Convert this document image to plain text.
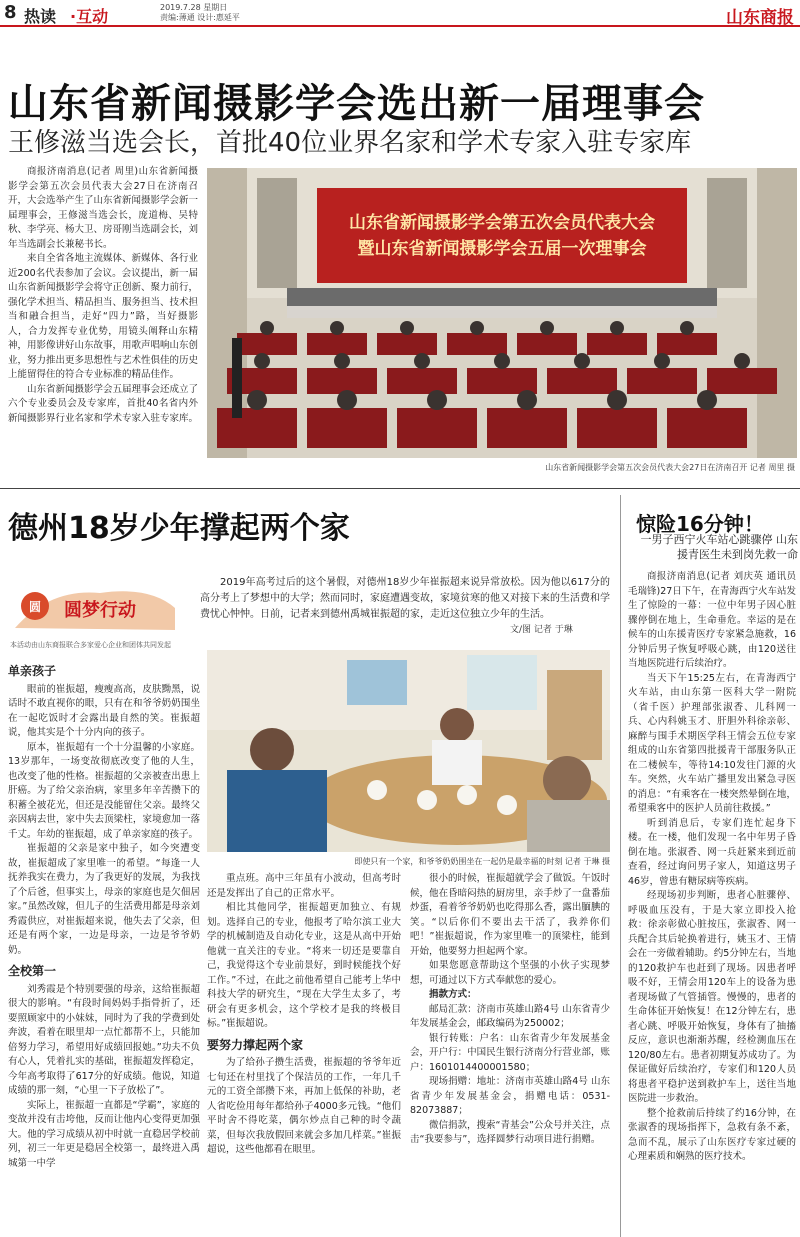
8 热读 ·互动	2019.7.28 星期日
责编:薄通 设计:惠延平	山东商报
山东省新闻摄影学会选出新一届理事会
王修滋当选会长，首批40位业界名家和学术专家入驻专家库

商报济南消息(记者 周里)山东省新闻摄影学会第五次会员代表大会27日在济南召开，大会选举产生了山东省新闻摄影学会新一届理事会，王修滋当选会长，庞道梅、吴特秋、李学亮、杨大卫、房哥刚当选副会长，刘年当选副会长兼秘书长。

来自全省各地主流媒体、新媒体、各行业近200名代表参加了会议。会议提出，新一届山东省新闻摄影学会将守正创新、聚力前行，强化学术担当、精品担当、服务担当、技术担当和融合担当，走好“四力”路，当好摄影人，合力发挥专业优势，用镜头阐释山东精神，用影像讲好山东故事，用歌声唱响山东创业，努力推出更多思想性与艺术性俱佳的历史上能留得住的符合专业标准的精品佳作。

山东省新闻摄影学会五届理事会还成立了六个专业委员会及专家库，首批40名省内外新闻摄影界行业名家和学术专家入驻专家库。

山东省新闻摄影学会第五次会员代表大会
暨山东省新闻摄影学会五届一次理事会
山东省新闻摄影学会第五次会员代表大会27日在济南召开 记者 周里 摄
德州18岁少年撑起两个家
圆 圆梦行动
本活动由山东商报联合多家爱心企业和团体共同发起

2019年高考过后的这个暑假，对德州18岁少年崔振超来说异常放松。因为他以617分的高分考上了梦想中的大学；然而同时，家庭遭遇变故，家境贫寒的他又对接下来的生活费和学费忧心忡忡。日前，记者来到德州禹城崔振超的家，走近这位独立少年的生活。

文/图 记者 于琳
单亲孩子

眼前的崔振超，瘦瘦高高，皮肤黝黑，说话时不敢直视你的眼，只有在和爷爷奶奶围坐在一起吃饭时才会露出最自然的笑。崔振超说，他其实是个十分内向的孩子。

原本，崔振超有一个十分温馨的小家庭。13岁那年，一场变故彻底改变了他的人生，也改变了他的性格。崔振超的父亲被查出患上肝癌。为了给父亲治病，家里多年辛苦攒下的积蓄全被花光，但还是没能留住父亲。最终父亲因病去世，家中失去顶梁柱，家境愈加一落千丈。年幼的崔振超，成了单亲家庭的孩子。

崔振超的父亲是家中独子，如今突遭变故，崔振超成了家里唯一的希望。“每逢一人抚养我实在费力，为了我更好的发展，为我找了个后爸，但事实上，母亲的家庭也是欠佃居家。”虽然改嫁，但儿子的生活费用都是母亲刘秀霞供应，对崔振超来说，他失去了父亲，但还是有两个家，一边是母亲，一边是爷爷奶奶。

全校第一

刘秀霞是个特别要强的母亲，这给崔振超很大的影响。“有段时间妈妈手指骨折了，还要照顾家中的小妹妹，同时为了我的学费到处奔波，看着在眼里却一点忙都帮不上，只能加倍努力学习，希望用好成绩回报她。”功夫不负有心人，凭着扎实的基础，崔振超发挥稳定，今年高考取得了617分的好成绩。他说，知道成绩的那一刻，“心里一下子放松了”。

实际上，崔振超一直都是“学霸”，家庭的变故并没有击垮他，反而让他内心变得更加强大。他的学习成绩从初中时就一直稳居学校前列，初三一年更是稳居全校第一，最终进入禹城第一中学

即使只有一个家，和爷爷奶奶围坐在一起仍是最幸福的时刻 记者 于琳 摄

重点班。高中三年虽有小波动，但高考时还是发挥出了自己的正常水平。

相比其他同学，崔振超更加独立、有规划。选择自己的专业，他报考了哈尔滨工业大学的机械制造及自动化专业，这是从高中开始他就一直关注的专业。“将来一切还是要靠自己，我觉得这个专业前景好，到时候能找个好工作。”不过，在此之前他希望自己能考上华中科技大学的研究生，“现在大学生太多了，考研会有更多机会，这个学校才是我的终极目标。”崔振超说。

要努力撑起两个家

为了给孙子攒生活费，崔振超的爷爷年近七旬还在村里找了个保洁员的工作，一年几千元的工资全部攒下来，再加上低保的补助，老人省吃俭用每年都给孙子4000多元钱。“他们平时舍不得吃菜，偶尔炒点自己种的时令蔬菜，但每次我放假回来就会多加几样菜。”崔振超说，这些他都看在眼里。

很小的时候，崔振超就学会了做饭。午饭时候，他在昏暗闷热的厨房里，亲手炒了一盘番茄炒蛋，看着爷爷奶奶也吃得那么香，露出腼腆的笑。“以后你们不要出去干活了，我养你们吧！”崔振超说，作为家里唯一的顶梁柱，能到开始，他要努力担起两个家。

如果您愿意帮助这个坚强的小伙子实现梦想，可通过以下方式奉献您的爱心。

捐款方式：

邮局汇款：济南市英雄山路4号 山东省青少年发展基金会，邮政编码为250002；

银行转账：户名：山东省青少年发展基金会，开户行：中国民生银行济南分行营业部，账户：1601014400001580；

现场捐赠：地址：济南市英雄山路4号 山东省青少年发展基金会，捐赠电话：0531-82073887；

微信捐款，搜索“青基会”公众号并关注，点击“我要参与”，选择圆梦行动项目进行捐赠。

惊险16分钟！
一男子西宁火车站心跳骤停 山东援青医生未到岗先救一命

商报济南消息(记者 刘庆英 通讯员 毛瑞锋)27日下午，在青海西宁火车站发生了惊险的一幕：一位中年男子因心脏骤停倒在地上，生命垂危。幸运的是在候车的山东援青医疗专家紧急施救，16分钟后男子恢复呼吸心跳，由120送往当地医院进行后续治疗。

当天下午15:25左右，在青海西宁火车站，由山东第一医科大学一附院（省千医）护理部张淑香、儿科网一兵、心内科姚玉才、肝胆外科徐亲彰、麻醉与围手术期医学科王情会五位专家组成的山东省第四批援青干部服务队正在二楼候车，等待14:10发往门源的火车。突然，火车站广播里发出紧急寻医的消息：“有乘客在一楼突然晕倒在地，希望乘客中的医护人员前往救援。”

听到消息后，专家们连忙起身下楼。在一楼，他们发现一名中年男子昏倒在地。张淑香、网一兵赶紧来到近前查看，经过询问男子家人，知道这男子46岁，曾患有糖尿病等疾病。

经现场初步判断，患者心脏骤停、呼吸血压没有，于是大家立即投入抢救：徐亲彰做心脏按压，张淑香、网一兵配合其后轮换着进行，姚玉才、王情会在一旁做着辅助。约5分钟左右，当地的120救护车也赶到了现场。因患者呼吸不好，王情会用120车上的设备为患者现场做了气管插管。慢慢的，患者的生命体征开始恢复！在12分钟左右，患者心跳、呼吸开始恢复，身体有了抽搐反应，意识也渐渐苏醒，经检测血压在120/80左右。患者初期复苏成功了。为保证做好后续治疗，专家们和120人员将患者平稳护送到救护车上，送往当地医院进一步救治。

整个抢救前后持续了约16分钟，在张淑香的现场指挥下，急救有条不紊，急而不乱，展示了山东医疗专家过硬的心理素质和娴熟的医疗技术。
